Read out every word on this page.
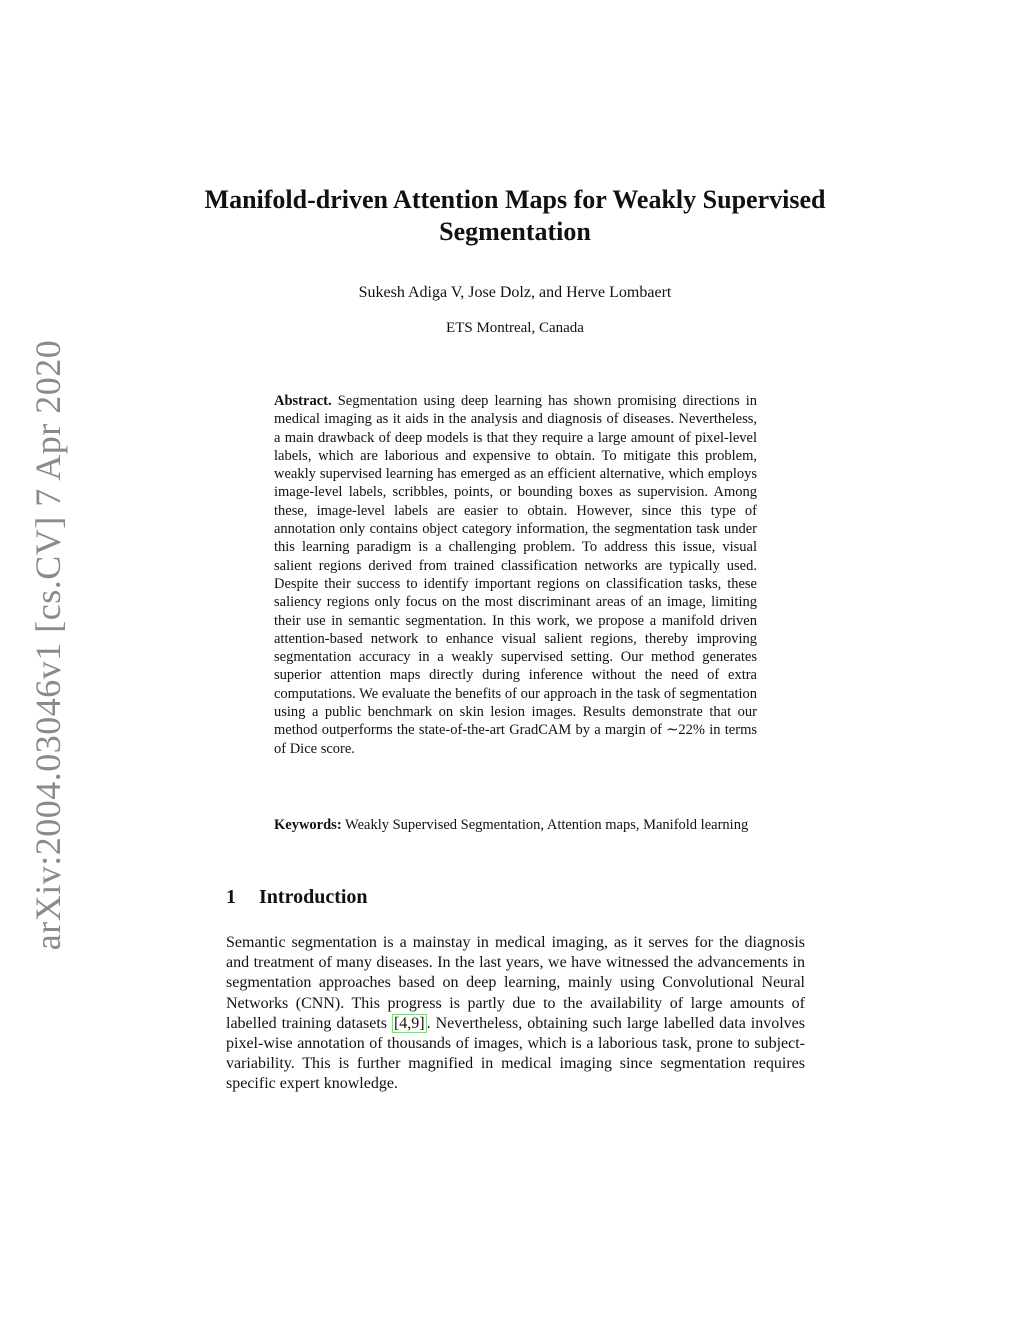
arXiv:2004.03046v1 [cs.CV] 7 Apr 2020
Manifold-driven Attention Maps for Weakly Supervised Segmentation

Sukesh Adiga V, Jose Dolz, and Herve Lombaert

ETS Montreal, Canada

Abstract. Segmentation using deep learning has shown promising directions in medical imaging as it aids in the analysis and diagnosis of diseases. Nevertheless, a main drawback of deep models is that they require a large amount of pixel-level labels, which are laborious and expensive to obtain. To mitigate this problem, weakly supervised learning has emerged as an efficient alternative, which employs image-level labels, scribbles, points, or bounding boxes as supervision. Among these, image-level labels are easier to obtain. However, since this type of annotation only contains object category information, the segmentation task under this learning paradigm is a challenging problem. To address this issue, visual salient regions derived from trained classification networks are typically used. Despite their success to identify important regions on classification tasks, these saliency regions only focus on the most discriminant areas of an image, limiting their use in semantic segmentation. In this work, we propose a manifold driven attention-based network to enhance visual salient regions, thereby improving segmentation accuracy in a weakly supervised setting. Our method generates superior attention maps directly during inference without the need of extra computations. We evaluate the benefits of our approach in the task of segmentation using a public benchmark on skin lesion images. Results demonstrate that our method outperforms the state-of-the-art GradCAM by a margin of ∼22% in terms of Dice score.

Keywords: Weakly Supervised Segmentation, Attention maps, Manifold learning

1 Introduction

Semantic segmentation is a mainstay in medical imaging, as it serves for the diagnosis and treatment of many diseases. In the last years, we have witnessed the advancements in segmentation approaches based on deep learning, mainly using Convolutional Neural Networks (CNN). This progress is partly due to the availability of large amounts of labelled training datasets [4,9] . Nevertheless, obtaining such large labelled data involves pixel-wise annotation of thousands of images, which is a laborious task, prone to subject-variability. This is further magnified in medical imaging since segmentation requires specific expert knowledge.
